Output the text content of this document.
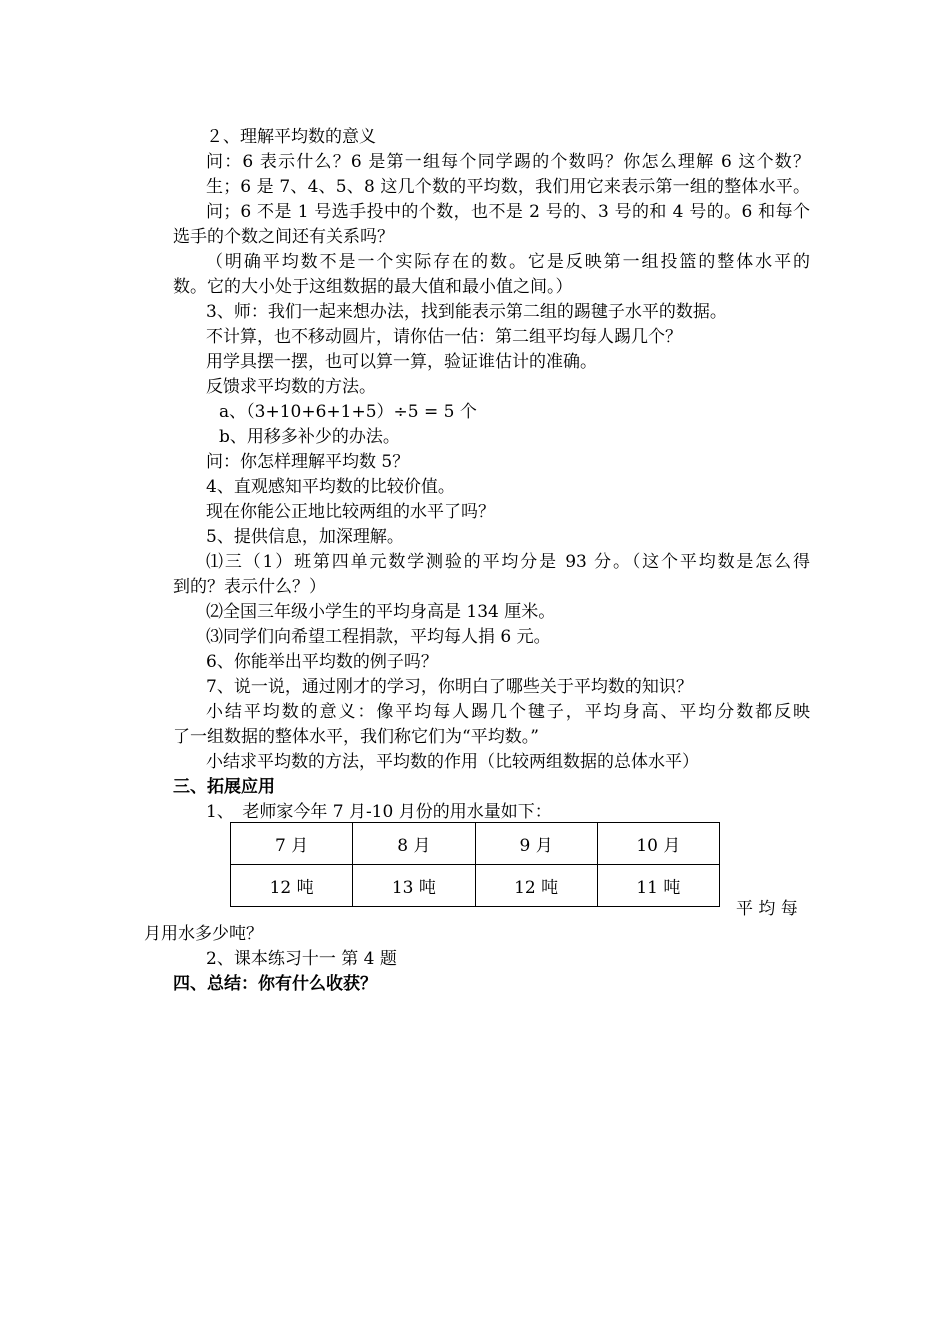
２、理解平均数的意义
问：6 表示什么？6 是第一组每个同学踢的个数吗？你怎么理解 6 这个数？
生；6 是 7、4、5、8 这几个数的平均数，我们用它来表示第一组的整体水平。
问；6 不是 1 号选手投中的个数，也不是 2 号的、3 号的和 4 号的。6 和每个
选手的个数之间还有关系吗？
（明确平均数不是一个实际存在的数。它是反映第一组投篮的整体水平的
数。它的大小处于这组数据的最大值和最小值之间。）
3、师：我们一起来想办法，找到能表示第二组的踢毽子水平的数据。
不计算，也不移动圆片，请你估一估：第二组平均每人踢几个？
用学具摆一摆，也可以算一算，验证谁估计的准确。
反馈求平均数的方法。
a、（3+10+6+1+5）÷5 = 5 个
b、用移多补少的办法。
问：你怎样理解平均数 5？
4、直观感知平均数的比较价值。
现在你能公正地比较两组的水平了吗？
5、提供信息，加深理解。
⑴三（1）班第四单元数学测验的平均分是 93 分。（这个平均数是怎么得
到的？表示什么？）
⑵全国三年级小学生的平均身高是 134 厘米。
⑶同学们向希望工程捐款，平均每人捐 6 元。
6、你能举出平均数的例子吗？
7、说一说，通过刚才的学习，你明白了哪些关于平均数的知识？
小结平均数的意义：像平均每人踢几个毽子，平均身高、平均分数都反映
了一组数据的整体水平，我们称它们为“平均数。”
小结求平均数的方法，平均数的作用（比较两组数据的总体水平）
三、拓展应用
1、　老师家今年 7 月-10 月份的用水量如下：
7 月	8 月	9 月	10 月
12 吨	13 吨	12 吨	11 吨
平 均 每
月用水多少吨？
2、课本练习十一 第 4 题
四、总结：你有什么收获？
